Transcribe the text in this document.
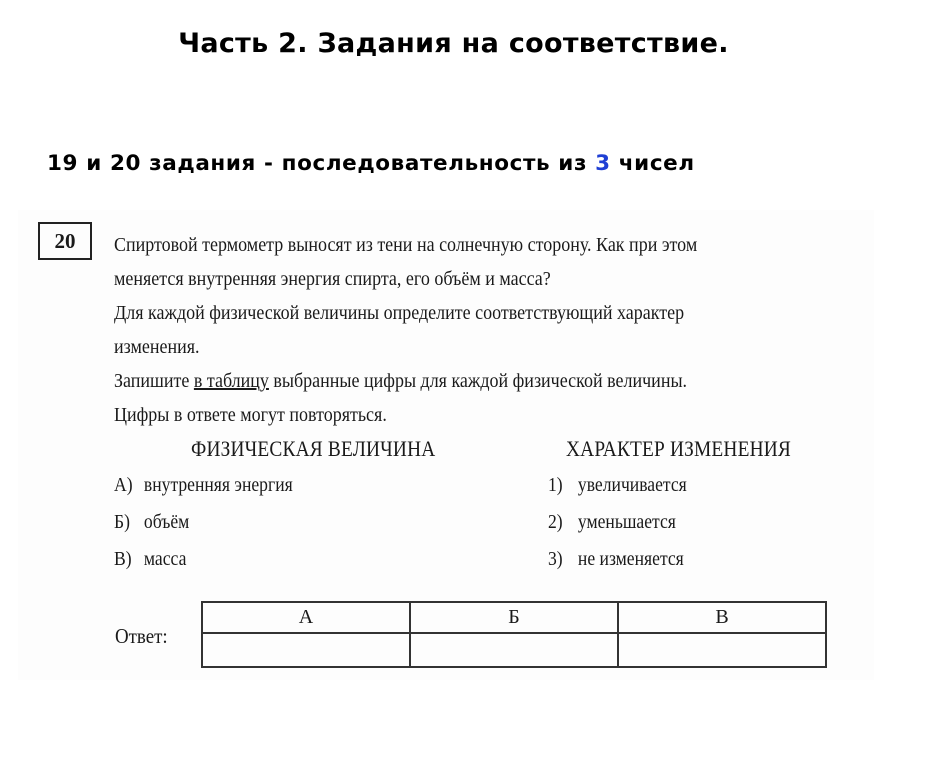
Часть 2. Задания на соответствие.
19 и 20 задания - последовательность из 3 чисел
20	Спиртовой термометр выносят из тени на солнечную сторону. Как при этом

меняется внутренняя энергия спирта, его объём и масса?

Для каждой физической величины определите соответствующий характер

изменения.

Запишите в таблицу выбранные цифры для каждой физической величины.

Цифры в ответе могут повторяться.

ФИЗИЧЕСКАЯ ВЕЛИЧИНА	ХАРАКТЕР ИЗМЕНЕНИЯ
А) внутренняя энергия
Б) объём
В) масса
1) увеличивается
2) уменьшается
3) не изменяется
Ответ:
А	Б	В
